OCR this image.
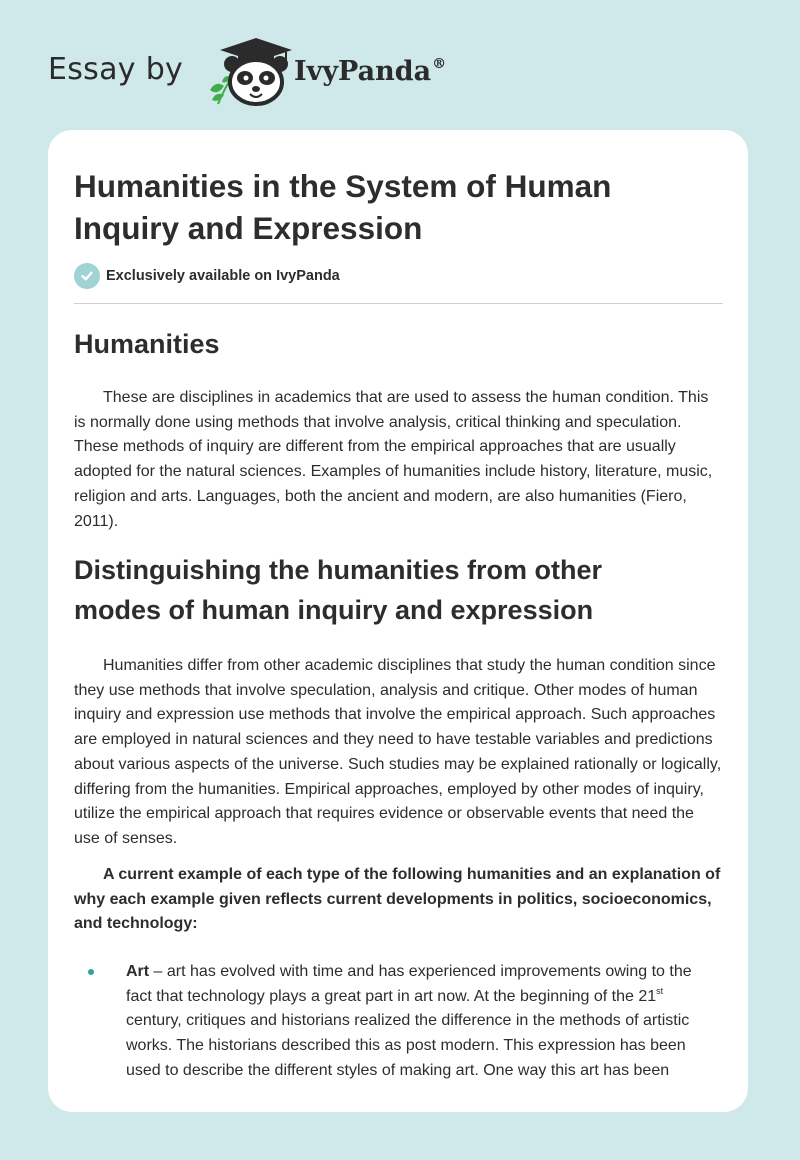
Essay by	IvyPanda®
Humanities in the System of Human
Inquiry and Expression
Exclusively available on IvyPanda
Humanities

These are disciplines in academics that are used to assess the human condition. This is normally done using methods that involve analysis, critical thinking and speculation. These methods of inquiry are different from the empirical approaches that are usually adopted for the natural sciences. Examples of humanities include history, literature, music, religion and arts. Languages, both the ancient and modern, are also humanities (Fiero, 2011).

Distinguishing the humanities from other
modes of human inquiry and expression

Humanities differ from other academic disciplines that study the human condition since they use methods that involve speculation, analysis and critique. Other modes of human inquiry and expression use methods that involve the empirical approach. Such approaches are employed in natural sciences and they need to have testable variables and predictions about various aspects of the universe. Such studies may be explained rationally or logically, differing from the humanities. Empirical approaches, employed by other modes of inquiry, utilize the empirical approach that requires evidence or observable events that need the use of senses.

A current example of each type of the following humanities and an explanation of why each example given reflects current developments in politics, socioeconomics, and technology:

Art – art has evolved with time and has experienced improvements owing to the fact that technology plays a great part in art now. At the beginning of the 21st century, critiques and historians realized the difference in the methods of artistic works. The historians described this as post modern. This expression has been used to describe the different styles of making art. One way this art has been
